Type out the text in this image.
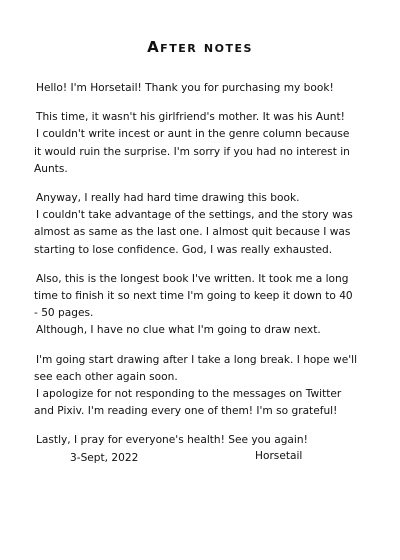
After notes
Hello! I'm Horsetail! Thank you for purchasing my book!
This time, it wasn't his girlfriend's mother. It was his Aunt!
I couldn't write incest or aunt in the genre column because
it would ruin the surprise. I'm sorry if you had no interest in
Aunts.
Anyway, I really had hard time drawing this book.
I couldn't take advantage of the settings, and the story was
almost as same as the last one. I almost quit because I was
starting to lose confidence. God, I was really exhausted.
Also, this is the longest book I've written. It took me a long
time to finish it so next time I'm going to keep it down to 40
- 50 pages.
Although, I have no clue what I'm going to draw next.
I'm going start drawing after I take a long break. I hope we'll
see each other again soon.
I apologize for not responding to the messages on Twitter
and Pixiv. I'm reading every one of them! I'm so grateful!
Lastly, I pray for everyone's health! See you again!
3-Sept, 2022	Horsetail
